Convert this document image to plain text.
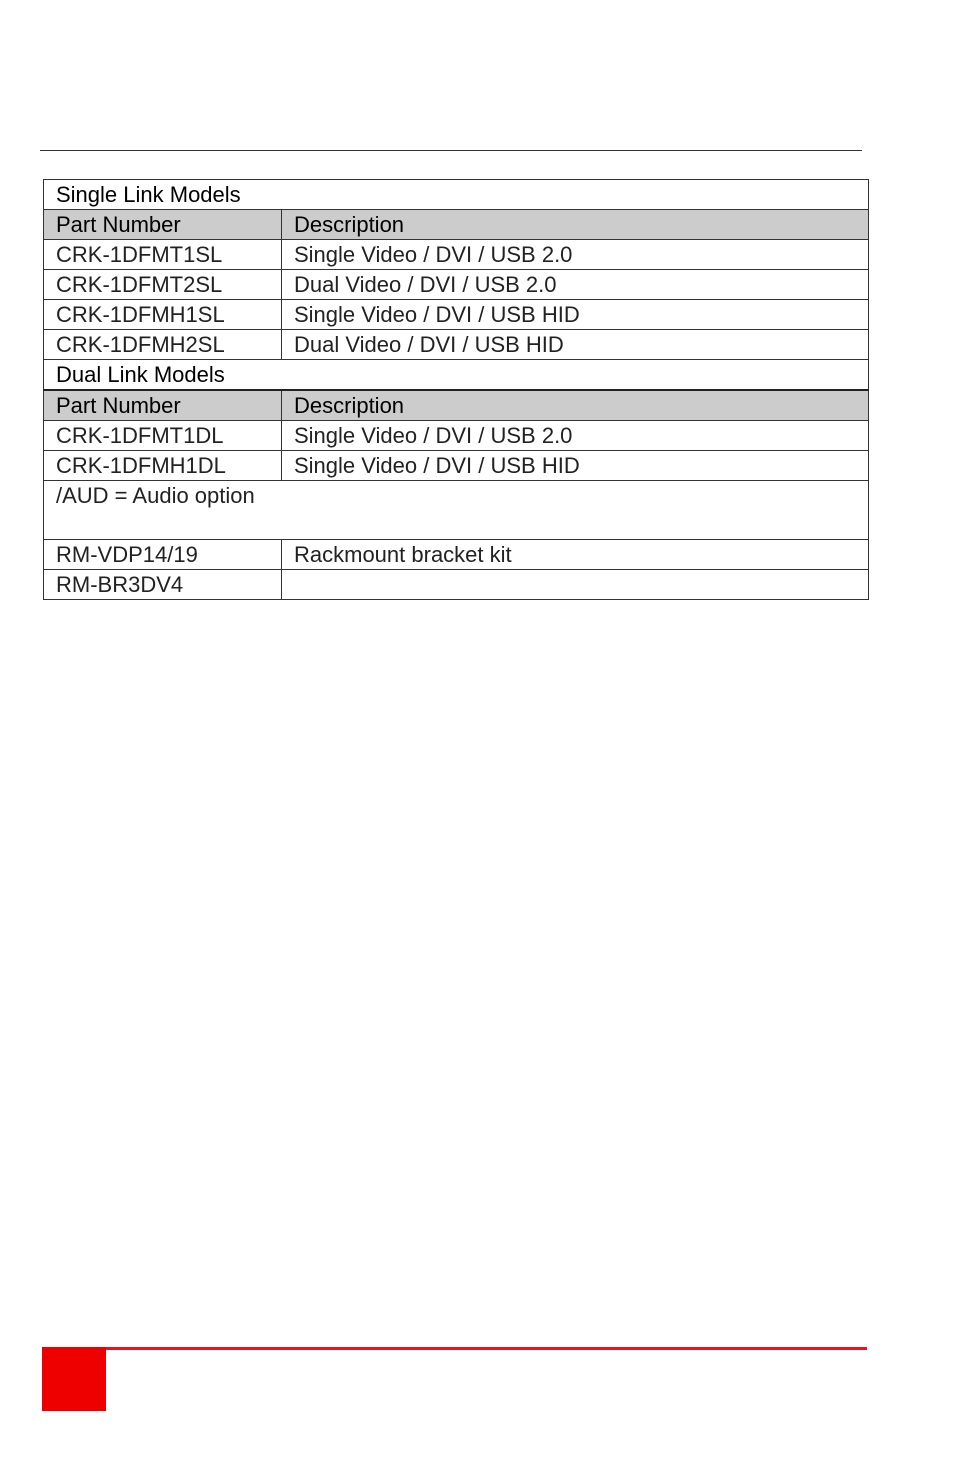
Single Link Models	
Part Number	Description
CRK-1DFMT1SL	Single Video / DVI / USB 2.0
CRK-1DFMT2SL	Dual Video / DVI / USB 2.0
CRK-1DFMH1SL	Single Video / DVI / USB HID
CRK-1DFMH2SL	Dual Video / DVI / USB HID
Dual Link Models	
Part Number	Description
CRK-1DFMT1DL	Single Video / DVI / USB 2.0
CRK-1DFMH1DL	Single Video / DVI / USB HID
/AUD = Audio option	
RM-VDP14/19	Rackmount bracket kit
RM-BR3DV4	
